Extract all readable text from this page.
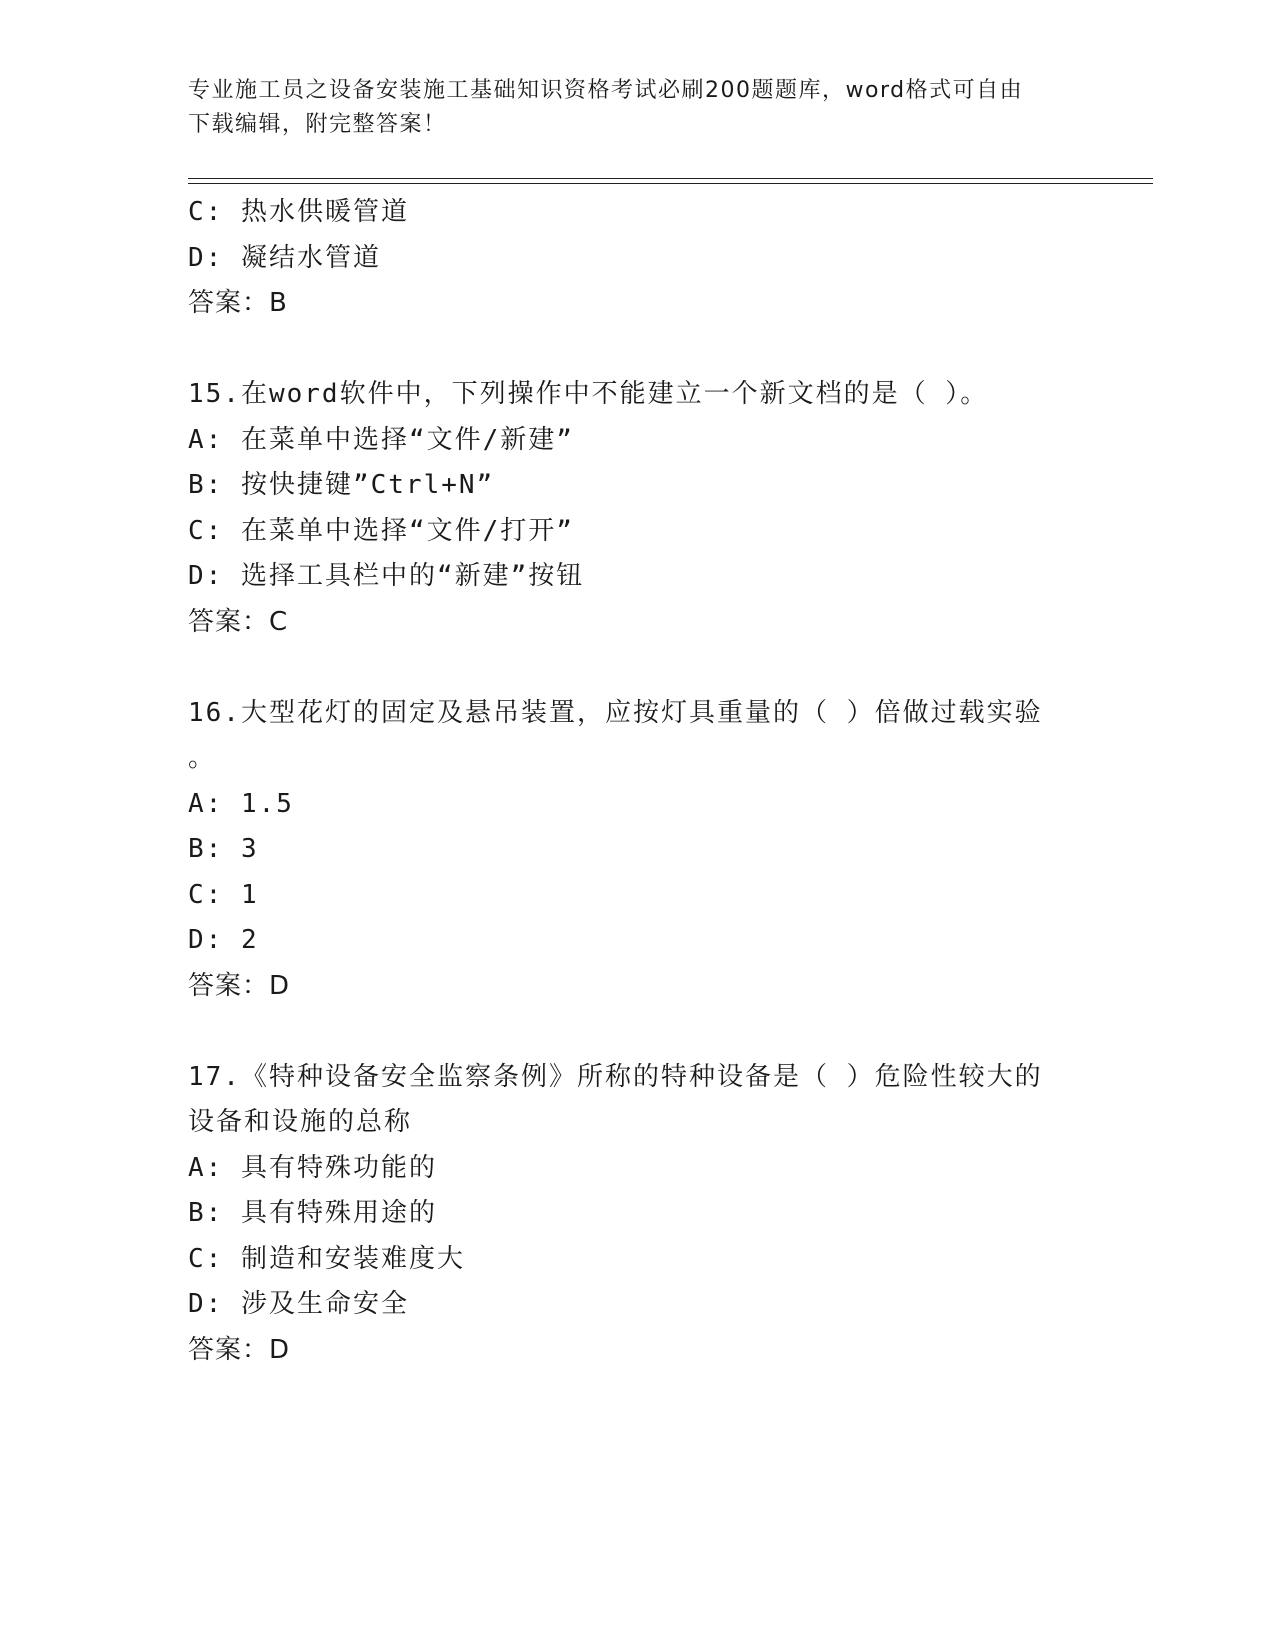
专业施工员之设备安装施工基础知识资格考试必刷200题题库，word格式可自由
下载编辑，附完整答案！
C: 热水供暖管道
D: 凝结水管道
答案：B
15.在word软件中，下列操作中不能建立一个新文档的是（ ）。
A: 在菜单中选择“文件/新建”
B: 按快捷键”Ctrl+N”
C: 在菜单中选择“文件/打开”
D: 选择工具栏中的“新建”按钮
答案：C
16.大型花灯的固定及悬吊装置，应按灯具重量的（ ）倍做过载实验
。
A: 1.5
B: 3
C: 1
D: 2
答案：D
17.《特种设备安全监察条例》所称的特种设备是（ ）危险性较大的
设备和设施的总称
A: 具有特殊功能的
B: 具有特殊用途的
C: 制造和安装难度大
D: 涉及生命安全
答案：D
